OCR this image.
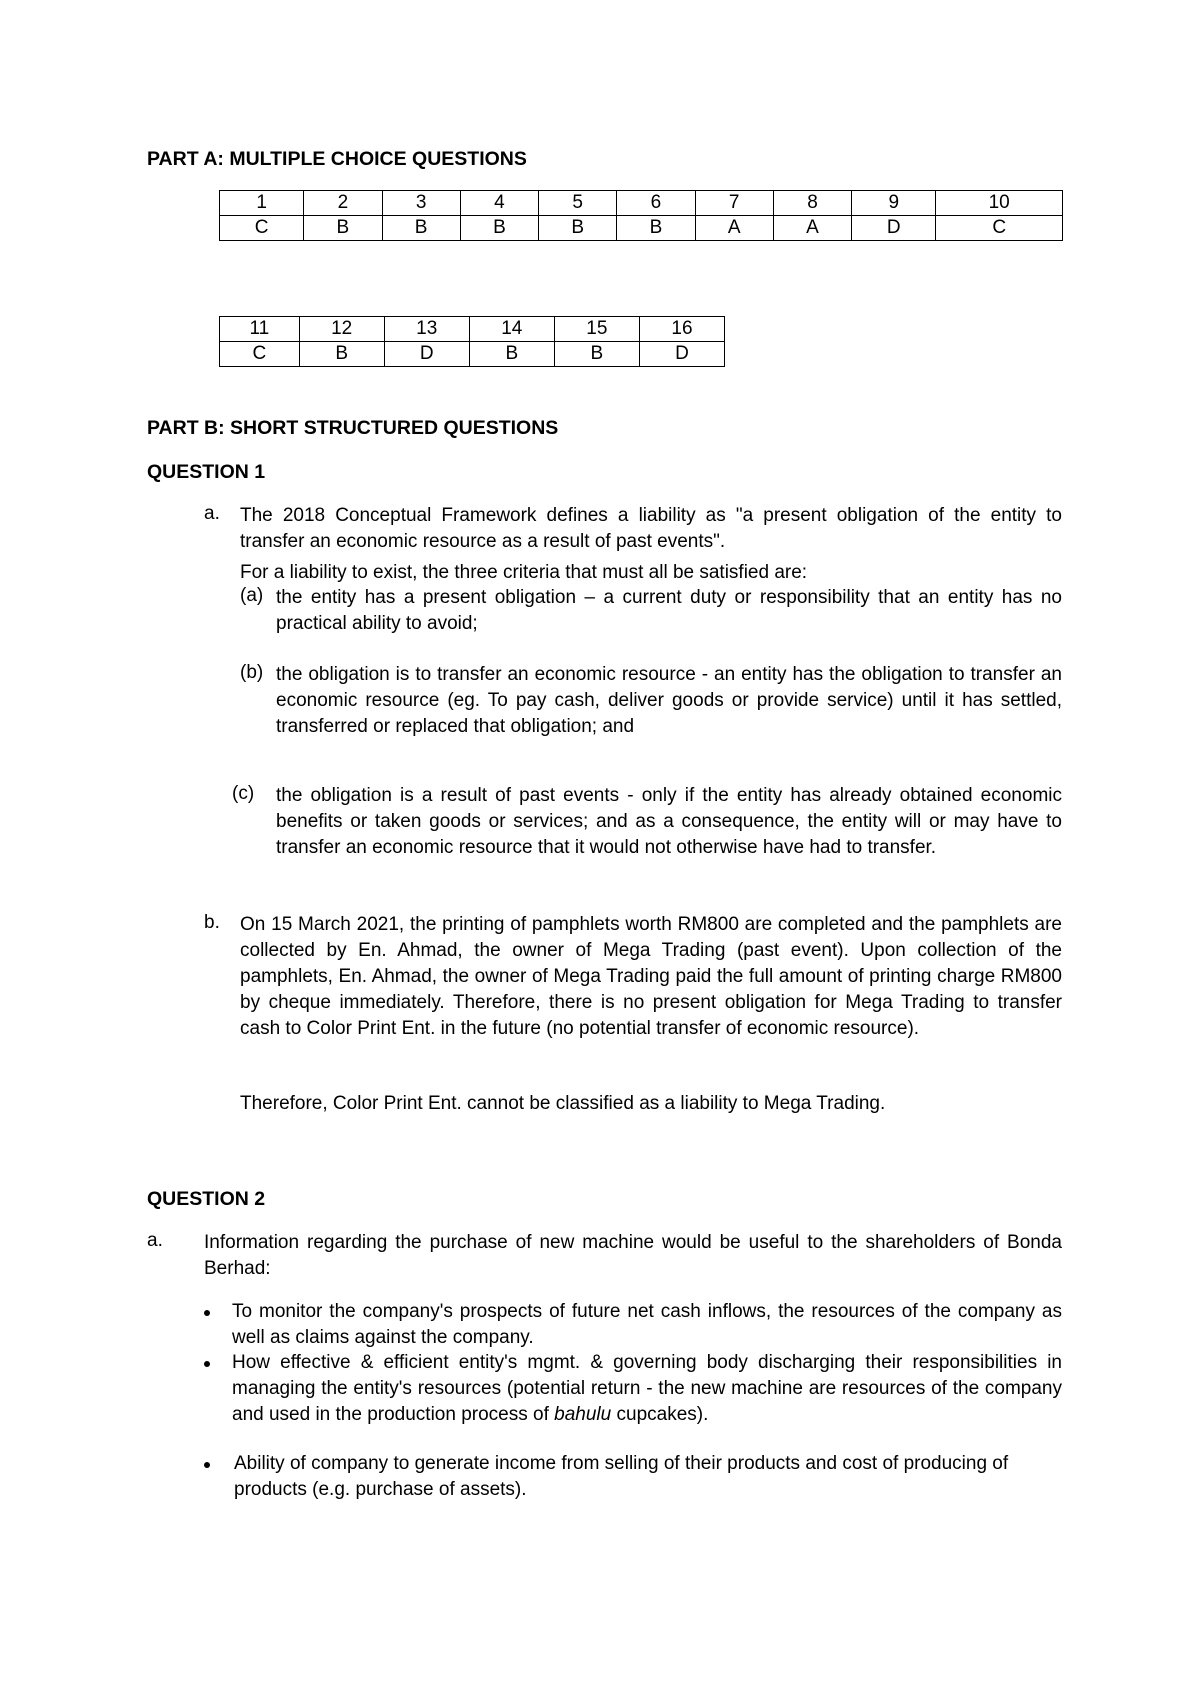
PART A: MULTIPLE CHOICE QUESTIONS
1	2	3	4	5	6	7	8	9	10
C	B	B	B	B	B	A	A	D	C
11	12	13	14	15	16
C	B	D	B	B	D
PART B: SHORT STRUCTURED QUESTIONS
QUESTION 1
a. The 2018 Conceptual Framework defines a liability as "a present obligation of the entity to transfer an economic resource as a result of past events".
For a liability to exist, the three criteria that must all be satisfied are:
(a) the entity has a present obligation – a current duty or responsibility that an entity has no practical ability to avoid;
(b) the obligation is to transfer an economic resource - an entity has the obligation to transfer an economic resource (eg. To pay cash, deliver goods or provide service) until it has settled, transferred or replaced that obligation; and
(c) the obligation is a result of past events - only if the entity has already obtained economic benefits or taken goods or services; and as a consequence, the entity will or may have to transfer an economic resource that it would not otherwise have had to transfer.
b. On 15 March 2021, the printing of pamphlets worth RM800 are completed and the pamphlets are collected by En. Ahmad, the owner of Mega Trading (past event). Upon collection of the pamphlets, En. Ahmad, the owner of Mega Trading paid the full amount of printing charge RM800 by cheque immediately. Therefore, there is no present obligation for Mega Trading to transfer cash to Color Print Ent. in the future (no potential transfer of economic resource).
Therefore, Color Print Ent. cannot be classified as a liability to Mega Trading.
QUESTION 2
a. Information regarding the purchase of new machine would be useful to the shareholders of Bonda Berhad:
To monitor the company's prospects of future net cash inflows, the resources of the company as well as claims against the company.
How effective & efficient entity's mgmt. & governing body discharging their responsibilities in managing the entity's resources (potential return - the new machine are resources of the company and used in the production process of bahulu cupcakes).
Ability of company to generate income from selling of their products and cost of producing of products (e.g. purchase of assets).
